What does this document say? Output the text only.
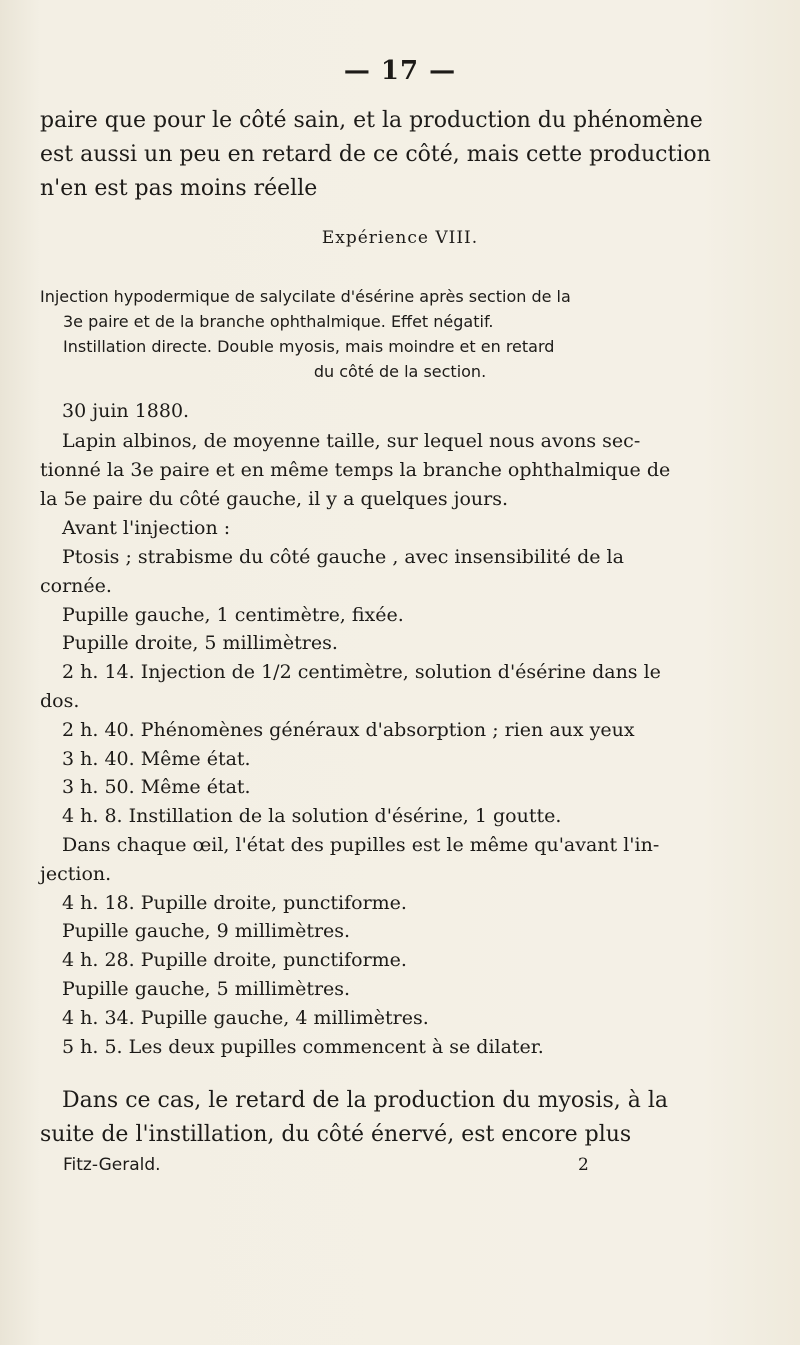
— 17 —
paire que pour le côté sain, et la production du phénomène
est aussi un peu en retard de ce côté, mais cette production
n'en est pas moins réelle
Expérience VIII.
Injection hypodermique de salycilate d'ésérine après section de la
3e paire et de la branche ophthalmique. Effet négatif.
Instillation directe. Double myosis, mais moindre et en retard
du côté de la section.
30 juin 1880.
Lapin albinos, de moyenne taille, sur lequel nous avons sec-
tionné la 3e paire et en même temps la branche ophthalmique de
la 5e paire du côté gauche, il y a quelques jours.
Avant l'injection :
Ptosis ; strabisme du côté gauche , avec insensibilité de la
cornée.
Pupille gauche, 1 centimètre, fixée.
Pupille droite, 5 millimètres.
2 h. 14. Injection de 1/2 centimètre, solution d'ésérine dans le
dos.
2 h. 40. Phénomènes généraux d'absorption ; rien aux yeux
3 h. 40. Même état.
3 h. 50. Même état.
4 h. 8. Instillation de la solution d'ésérine, 1 goutte.
Dans chaque œil, l'état des pupilles est le même qu'avant l'in-
jection.
4 h. 18. Pupille droite, punctiforme.
Pupille gauche, 9 millimètres.
4 h. 28. Pupille droite, punctiforme.
Pupille gauche, 5 millimètres.
4 h. 34. Pupille gauche, 4 millimètres.
5 h. 5. Les deux pupilles commencent à se dilater.
Dans ce cas, le retard de la production du myosis, à la
suite de l'instillation, du côté énervé, est encore plus
Fitz-Gerald.	2
